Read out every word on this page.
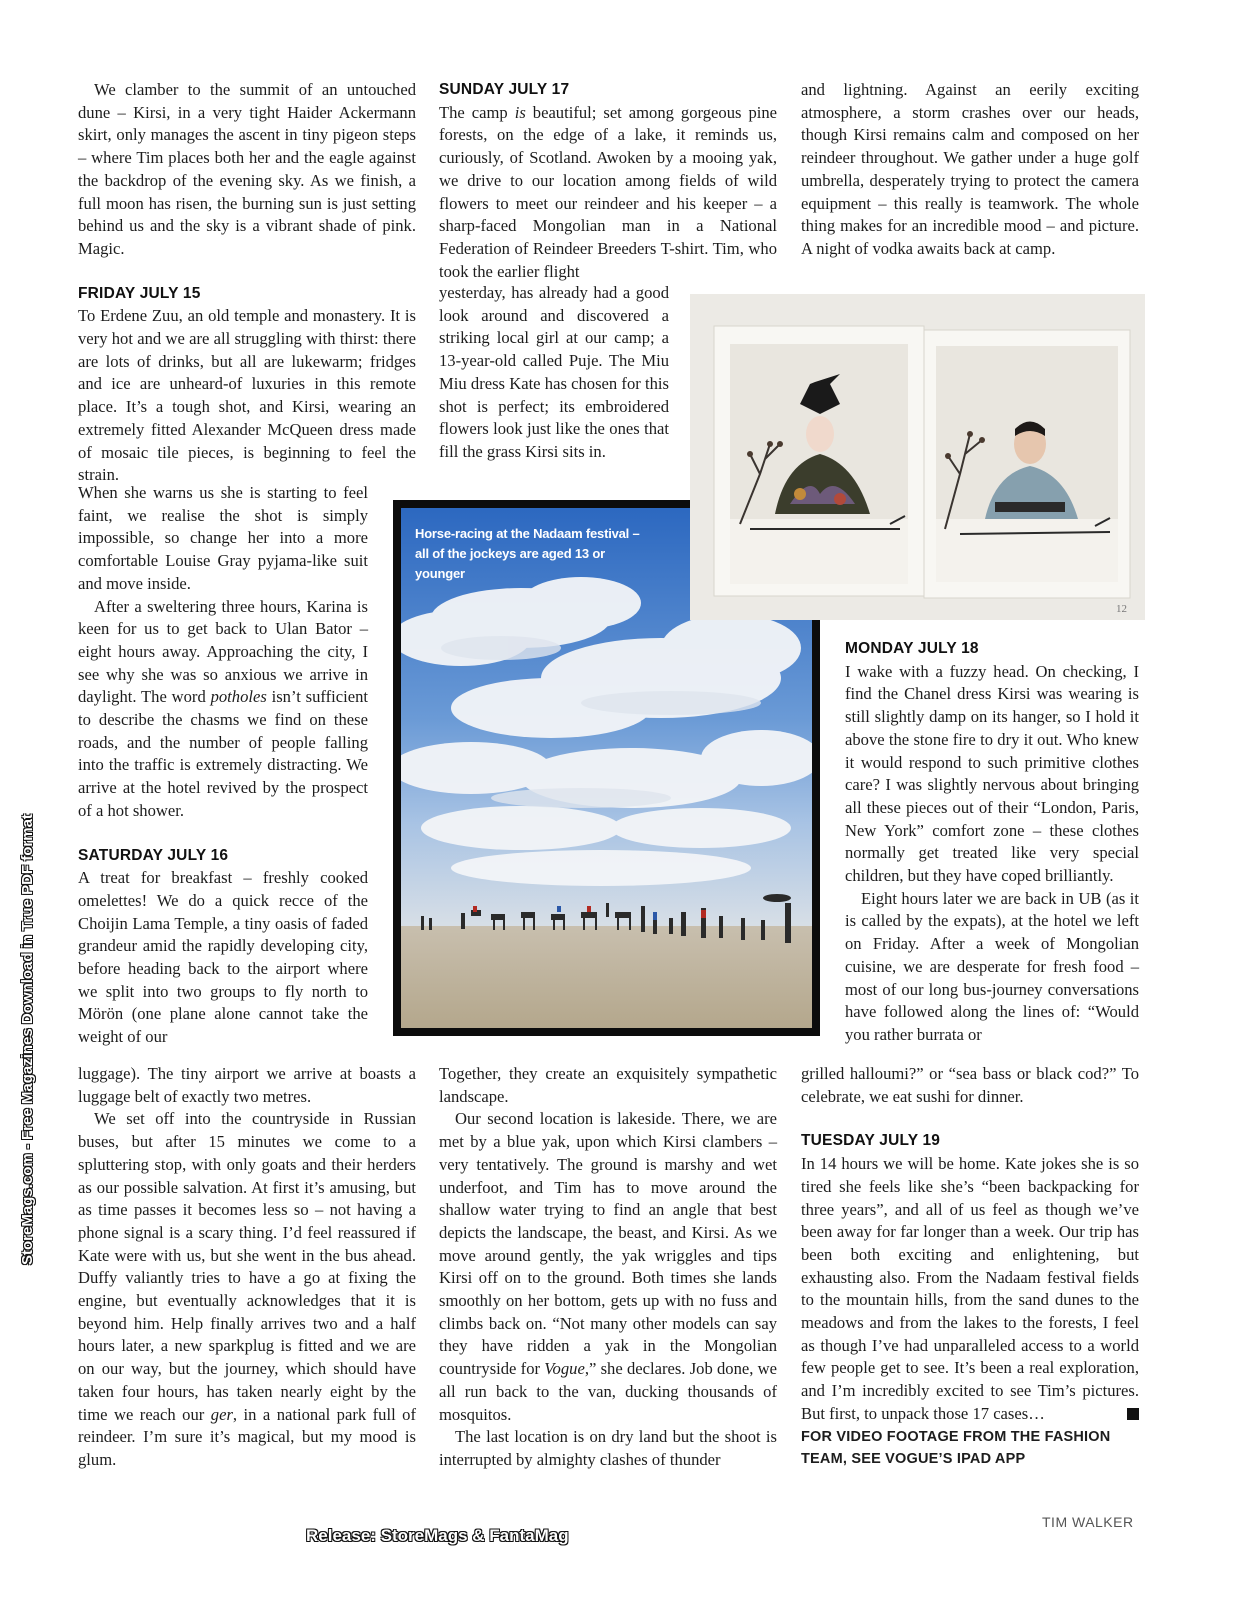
We clamber to the summit of an untouched dune – Kirsi, in a very tight Haider Ackermann skirt, only manages the ascent in tiny pigeon steps – where Tim places both her and the eagle against the backdrop of the evening sky. As we finish, a full moon has risen, the burning sun is just setting behind us and the sky is a vibrant shade of pink. Magic.

FRIDAY JULY 15

To Erdene Zuu, an old temple and monastery. It is very hot and we are all struggling with thirst: there are lots of drinks, but all are lukewarm; fridges and ice are unheard-of luxuries in this remote place. It’s a tough shot, and Kirsi, wearing an extremely fitted Alexander McQueen dress made of mosaic tile pieces, is beginning to feel the strain.

When she warns us she is starting to feel faint, we realise the shot is simply impossible, so change her into a more comfortable Louise Gray pyjama-like suit and move inside.

After a sweltering three hours, Karina is keen for us to get back to Ulan Bator – eight hours away. Approaching the city, I see why she was so anxious we arrive in daylight. The word potholes isn’t sufficient to describe the chasms we find on these roads, and the number of people falling into the traffic is extremely distracting. We arrive at the hotel revived by the prospect of a hot shower.

SATURDAY JULY 16

A treat for breakfast – freshly cooked omelettes! We do a quick recce of the Choijin Lama Temple, a tiny oasis of faded grandeur amid the rapidly developing city, before heading back to the airport where we split into two groups to fly north to Mörön (one plane alone cannot take the weight of our

luggage). The tiny airport we arrive at boasts a luggage belt of exactly two metres.

We set off into the countryside in Russian buses, but after 15 minutes we come to a spluttering stop, with only goats and their herders as our possible salvation. At first it’s amusing, but as time passes it becomes less so – not having a phone signal is a scary thing. I’d feel reassured if Kate were with us, but she went in the bus ahead. Duffy valiantly tries to have a go at fixing the engine, but eventually acknowledges that it is beyond him. Help finally arrives two and a half hours later, a new sparkplug is fitted and we are on our way, but the journey, which should have taken four hours, has taken nearly eight by the time we reach our ger, in a national park full of reindeer. I’m sure it’s magical, but my mood is glum.

SUNDAY JULY 17

The camp is beautiful; set among gorgeous pine forests, on the edge of a lake, it reminds us, curiously, of Scotland. Awoken by a mooing yak, we drive to our location among fields of wild flowers to meet our reindeer and his keeper – a sharp-faced Mongolian man in a National Federation of Reindeer Breeders T-shirt. Tim, who took the earlier flight

yesterday, has already had a good look around and discovered a striking local girl at our camp; a 13-year-old called Puje. The Miu Miu dress Kate has chosen for this shot is perfect; its embroidered flowers look just like the ones that fill the grass Kirsi sits in.

Together, they create an exquisitely sympathetic landscape.

Our second location is lakeside. There, we are met by a blue yak, upon which Kirsi clambers – very tentatively. The ground is marshy and wet underfoot, and Tim has to move around the shallow water trying to find an angle that best depicts the landscape, the beast, and Kirsi. As we move around gently, the yak wriggles and tips Kirsi off on to the ground. Both times she lands smoothly on her bottom, gets up with no fuss and climbs back on. “Not many other models can say they have ridden a yak in the Mongolian countryside for Vogue,” she declares. Job done, we all run back to the van, ducking thousands of mosquitos.

The last location is on dry land but the shoot is interrupted by almighty clashes of thunder

and lightning. Against an eerily exciting atmosphere, a storm crashes over our heads, though Kirsi remains calm and composed on her reindeer throughout. We gather under a huge golf umbrella, desperately trying to protect the camera equipment – this really is teamwork. The whole thing makes for an incredible mood – and picture. A night of vodka awaits back at camp.

MONDAY JULY 18

I wake with a fuzzy head. On checking, I find the Chanel dress Kirsi was wearing is still slightly damp on its hanger, so I hold it above the stone fire to dry it out. Who knew it would respond to such primitive clothes care? I was slightly nervous about bringing all these pieces out of their “London, Paris, New York” comfort zone – these clothes normally get treated like very special children, but they have coped brilliantly.

Eight hours later we are back in UB (as it is called by the expats), at the hotel we left on Friday. After a week of Mongolian cuisine, we are desperate for fresh food – most of our long bus-journey conversations have followed along the lines of: “Would you rather burrata or

grilled halloumi?” or “sea bass or black cod?” To celebrate, we eat sushi for dinner.

TUESDAY JULY 19

In 14 hours we will be home. Kate jokes she is so tired she feels like she’s “been backpacking for three years”, and all of us feel as though we’ve been away for far longer than a week. Our trip has been both exciting and enlightening, but exhausting also. From the Nadaam festival fields to the mountain hills, from the sand dunes to the meadows and from the lakes to the forests, I feel as though I’ve had unparalleled access to a world few people get to see. It’s been a real exploration, and I’m incredibly excited to see Tim’s pictures. But first, to unpack those 17 cases…

FOR VIDEO FOOTAGE FROM THE FASHION TEAM, SEE VOGUE’S IPAD APP
Horse-racing at the Nadaam festival – all of the jockeys are aged 13 or younger
12
StoreMags.com - Free Magazines Download in True PDF format
Release: StoreMags & FantaMag
TIM WALKER
